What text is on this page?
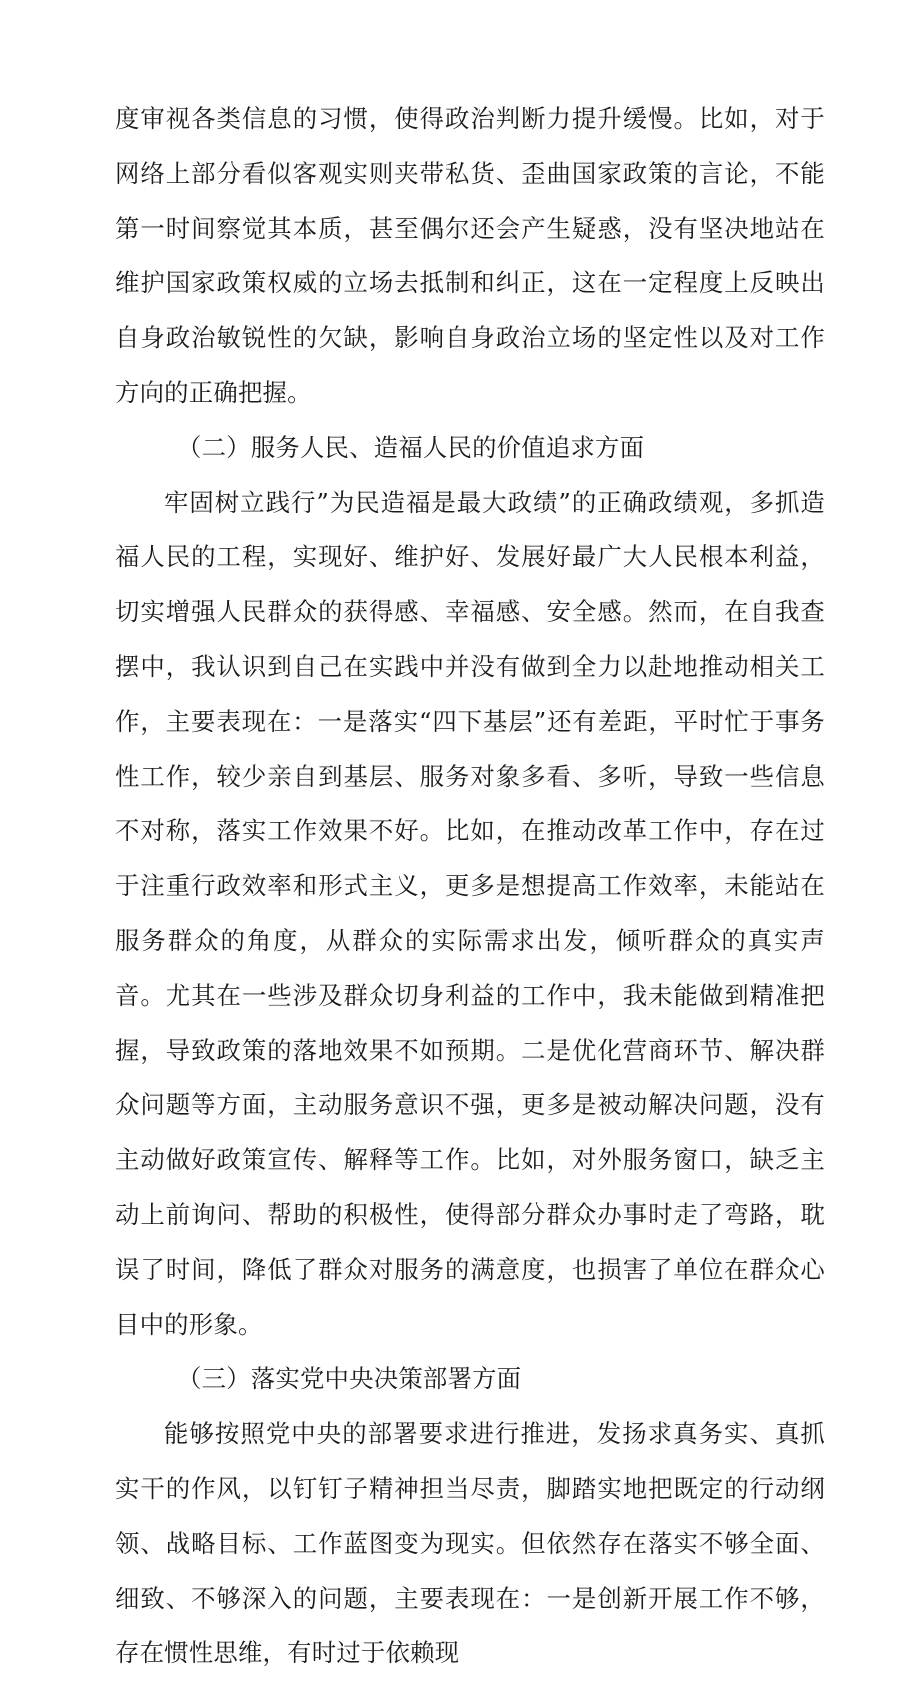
度审视各类信息的习惯，使得政治判断力提升缓慢。比如，对于网络上部分看似客观实则夹带私货、歪曲国家政策的言论，不能第一时间察觉其本质，甚至偶尔还会产生疑惑，没有坚决地站在维护国家政策权威的立场去抵制和纠正，这在一定程度上反映出自身政治敏锐性的欠缺，影响自身政治立场的坚定性以及对工作方向的正确把握。

（二）服务人民、造福人民的价值追求方面

牢固树立践行”为民造福是最大政绩”的正确政绩观，多抓造福人民的工程，实现好、维护好、发展好最广大人民根本利益，切实增强人民群众的获得感、幸福感、安全感。然而，在自我查摆中，我认识到自己在实践中并没有做到全力以赴地推动相关工作，主要表现在：一是落实“四下基层”还有差距，平时忙于事务性工作，较少亲自到基层、服务对象多看、多听，导致一些信息不对称，落实工作效果不好。比如，在推动改革工作中，存在过于注重行政效率和形式主义，更多是想提高工作效率，未能站在服务群众的角度，从群众的实际需求出发，倾听群众的真实声音。尤其在一些涉及群众切身利益的工作中，我未能做到精准把握，导致政策的落地效果不如预期。二是优化营商环节、解决群众问题等方面，主动服务意识不强，更多是被动解决问题，没有主动做好政策宣传、解释等工作。比如，对外服务窗口，缺乏主动上前询问、帮助的积极性，使得部分群众办事时走了弯路，耽误了时间，降低了群众对服务的满意度，也损害了单位在群众心目中的形象。

（三）落实党中央决策部署方面

能够按照党中央的部署要求进行推进，发扬求真务实、真抓实干的作风，以钉钉子精神担当尽责，脚踏实地把既定的行动纲领、战略目标、工作蓝图变为现实。但依然存在落实不够全面、细致、不够深入的问题，主要表现在：一是创新开展工作不够，存在惯性思维，有时过于依赖现
